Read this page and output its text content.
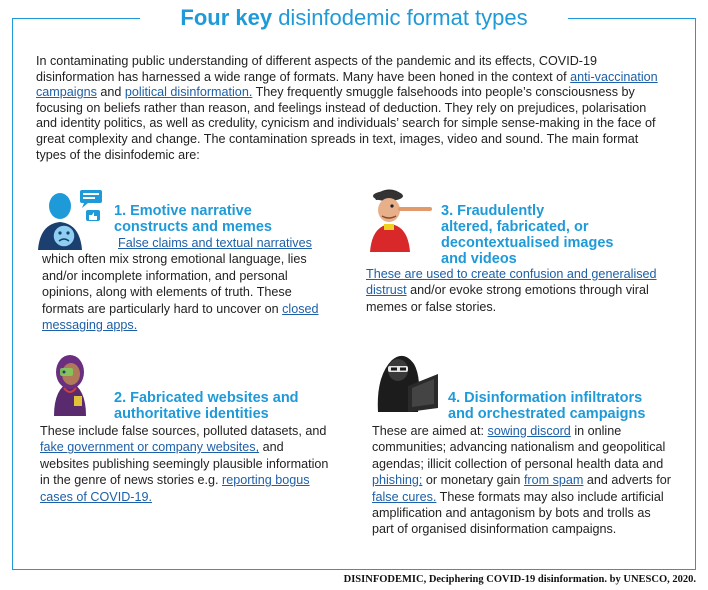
Four key disinfodemic format types
In contaminating public understanding of different aspects of the pandemic and its effects, COVID-19 disinformation has harnessed a wide range of formats. Many have been honed in the context of anti-vaccination campaigns and political disinformation. They frequently smuggle falsehoods into people’s consciousness by focusing on beliefs rather than reason, and feelings instead of deduction. They rely on prejudices, polarisation and identity politics, as well as credulity, cynicism and individuals’ search for simple sense-making in the face of great complexity and change. The contamination spreads in text, images, video and sound. The main format types of the disinfodemic are:
1. Emotive narrative
constructs and memes
False claims and textual narratives which often mix strong emotional language, lies and/or incomplete information, and personal opinions, along with elements of truth. These formats are particularly hard to uncover on closed messaging apps.
2. Fabricated websites and
authoritative identities
These include false sources, polluted datasets, and fake government or company websites, and websites publishing seemingly plausible information in the genre of news stories e.g. reporting bogus cases of COVID-19.
3. Fraudulently
altered, fabricated, or
decontextualised images
and videos
These are used to create confusion and generalised distrust and/or evoke strong emotions through viral memes or false stories.
4. Disinformation infiltrators
and orchestrated campaigns
These are aimed at: sowing discord in online communities; advancing nationalism and geopolitical agendas; illicit collection of personal health data and phishing; or monetary gain from spam and adverts for false cures. These formats may also include artificial amplification and antagonism by bots and trolls as part of organised disinformation campaigns.
DISINFODEMIC, Deciphering COVID-19 disinformation. by UNESCO, 2020.
